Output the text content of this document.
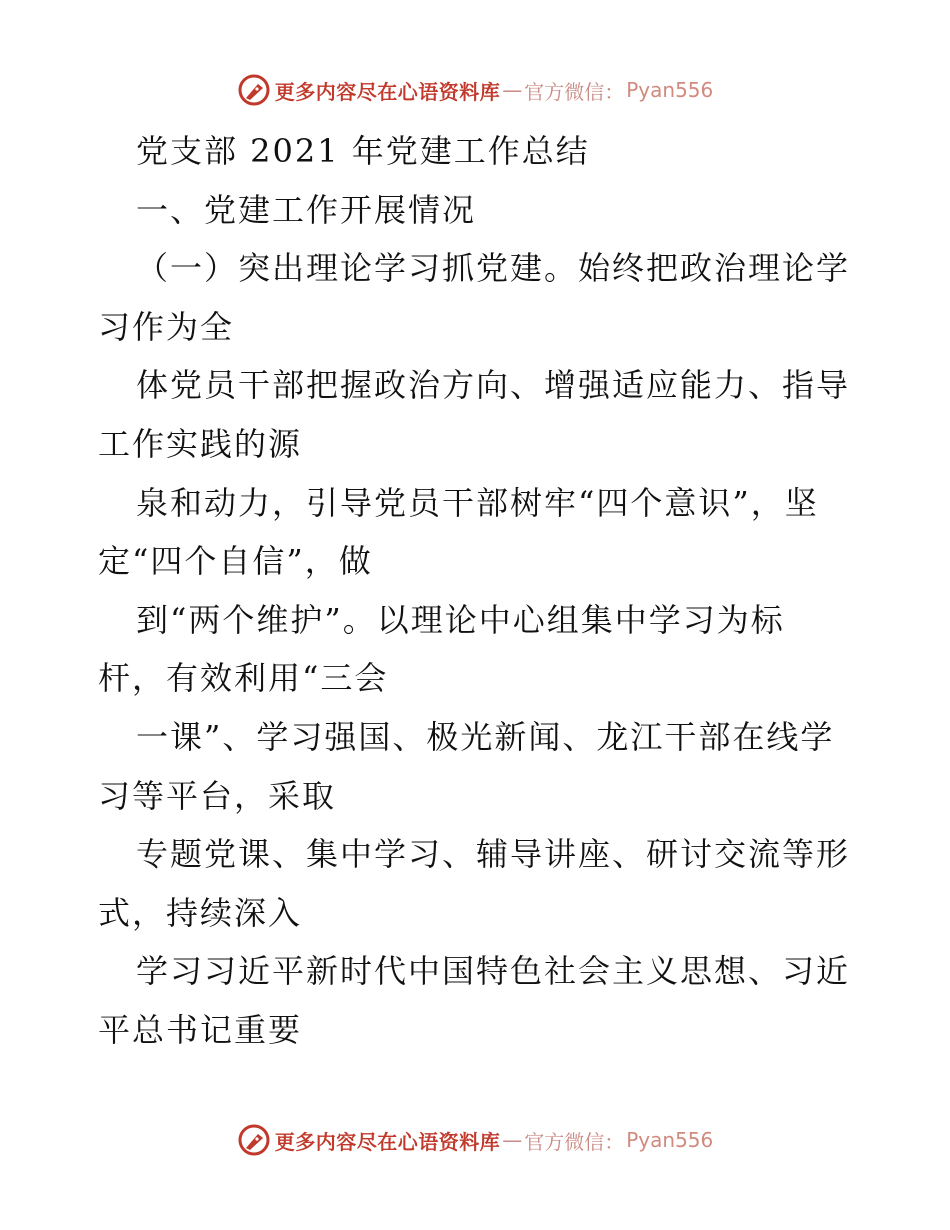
更多内容尽在心语资料库 — 官方微信： Pyan556
党支部 2021 年党建工作总结
一、党建工作开展情况
（一）突出理论学习抓党建。始终把政治理论学
习作为全
体党员干部把握政治方向、增强适应能力、指导
工作实践的源
泉和动力，引导党员干部树牢“四个意识”，坚
定“四个自信”，做
到“两个维护”。以理论中心组集中学习为标
杆，有效利用“三会
一课”、学习强国、极光新闻、龙江干部在线学
习等平台，采取
专题党课、集中学习、辅导讲座、研讨交流等形
式，持续深入
学习习近平新时代中国特色社会主义思想、习近
平总书记重要
更多内容尽在心语资料库 — 官方微信： Pyan556
